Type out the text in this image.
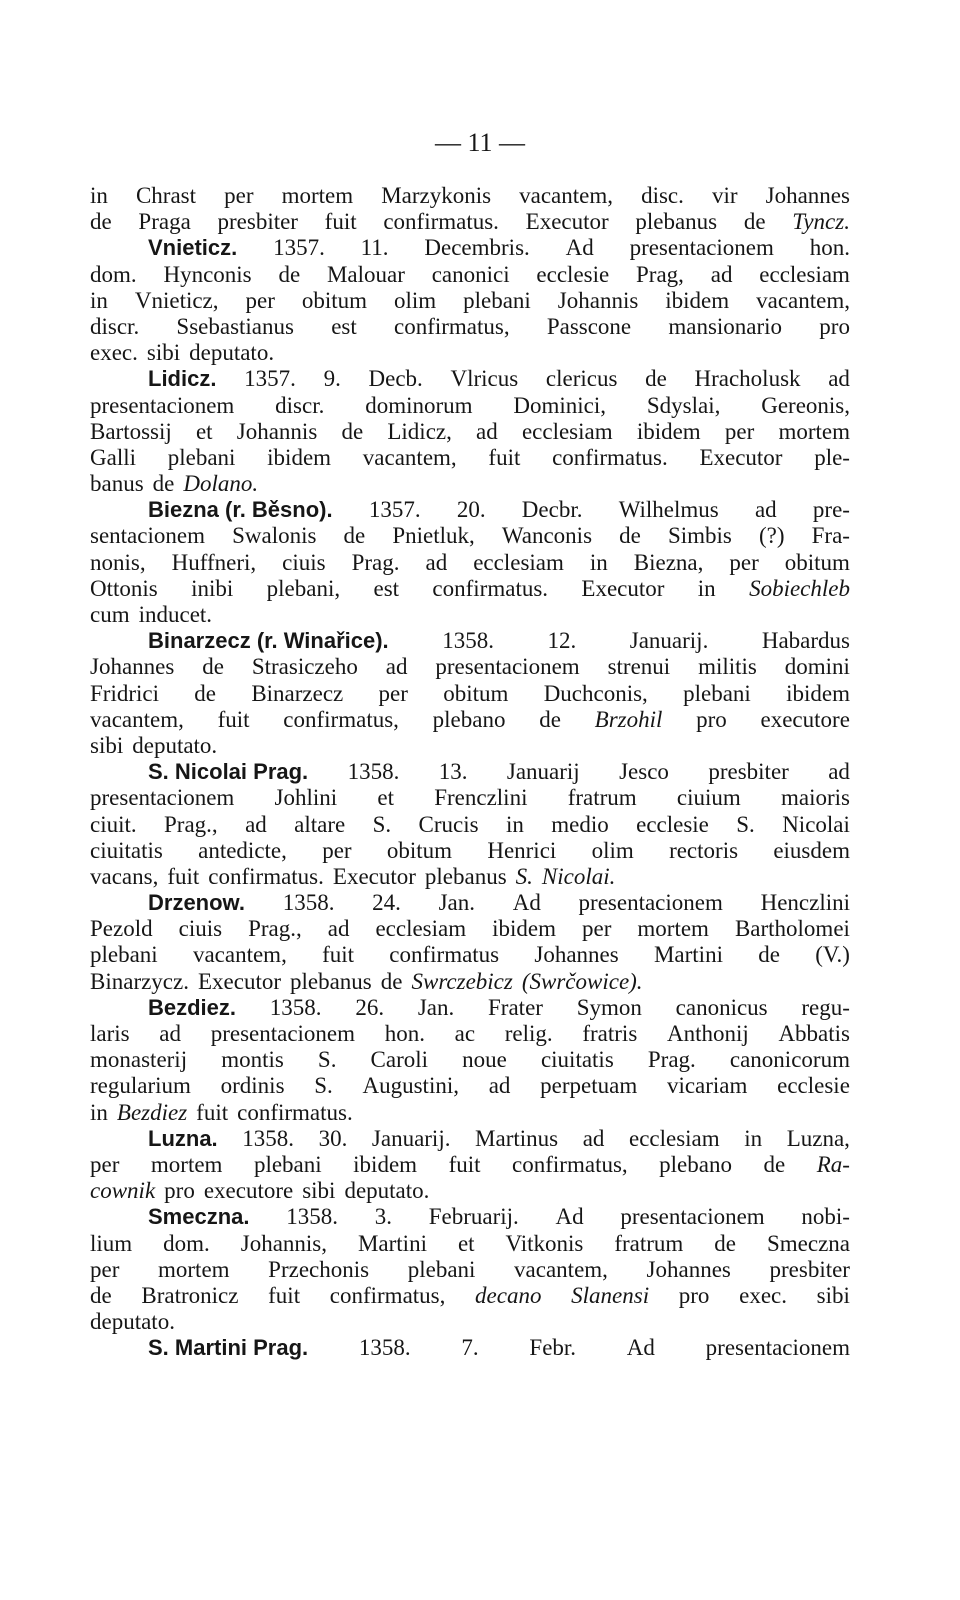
— 11 —
in Chrast per mortem Marzykonis vacantem, disc. vir Johannes
de Praga presbiter fuit confirmatus. Executor plebanus de Tyncz.
Vnieticz. 1357. 11. Decembris. Ad presentacionem hon.
dom. Hynconis de Malouar canonici ecclesie Prag, ad ecclesiam
in Vnieticz, per obitum olim plebani Johannis ibidem vacantem,
discr. Ssebastianus est confirmatus, Passcone mansionario pro
exec. sibi deputato.
Lidicz. 1357. 9. Decb. Vlricus clericus de Hracholusk ad
presentacionem discr. dominorum Dominici, Sdyslai, Gereonis,
Bartossij et Johannis de Lidicz, ad ecclesiam ibidem per mortem
Galli plebani ibidem vacantem, fuit confirmatus. Executor ple-
banus de Dolano.
Biezna (r. Běsno). 1357. 20. Decbr. Wilhelmus ad pre-
sentacionem Swalonis de Pnietluk, Wanconis de Simbis (?) Fra-
nonis, Huffneri, ciuis Prag. ad ecclesiam in Biezna, per obitum
Ottonis inibi plebani, est confirmatus. Executor in Sobiechleb
cum inducet.
Binarzecz (r. Winařice). 1358. 12. Januarij. Habardus
Johannes de Strasiczeho ad presentacionem strenui militis domini
Fridrici de Binarzecz per obitum Duchconis, plebani ibidem
vacantem, fuit confirmatus, plebano de Brzohil pro executore
sibi deputato.
S. Nicolai Prag. 1358. 13. Januarij Jesco presbiter ad
presentacionem Johlini et Frenczlini fratrum ciuium maioris
ciuit. Prag., ad altare S. Crucis in medio ecclesie S. Nicolai
ciuitatis antedicte, per obitum Henrici olim rectoris eiusdem
vacans, fuit confirmatus. Executor plebanus S. Nicolai.
Drzenow. 1358. 24. Jan. Ad presentacionem Henczlini
Pezold ciuis Prag., ad ecclesiam ibidem per mortem Bartholomei
plebani vacantem, fuit confirmatus Johannes Martini de (V.)
Binarzycz. Executor plebanus de Swrczebicz (Swrčowice).
Bezdiez. 1358. 26. Jan. Frater Symon canonicus regu-
laris ad presentacionem hon. ac relig. fratris Anthonij Abbatis
monasterij montis S. Caroli noue ciuitatis Prag. canonicorum
regularium ordinis S. Augustini, ad perpetuam vicariam ecclesie
in Bezdiez fuit confirmatus.
Luzna. 1358. 30. Januarij. Martinus ad ecclesiam in Luzna,
per mortem plebani ibidem fuit confirmatus, plebano de Ra-
cownik pro executore sibi deputato.
Smeczna. 1358. 3. Februarij. Ad presentacionem nobi-
lium dom. Johannis, Martini et Vitkonis fratrum de Smeczna
per mortem Przechonis plebani vacantem, Johannes presbiter
de Bratronicz fuit confirmatus, decano Slanensi pro exec. sibi
deputato.
S. Martini Prag. 1358. 7. Febr. Ad presentacionem
